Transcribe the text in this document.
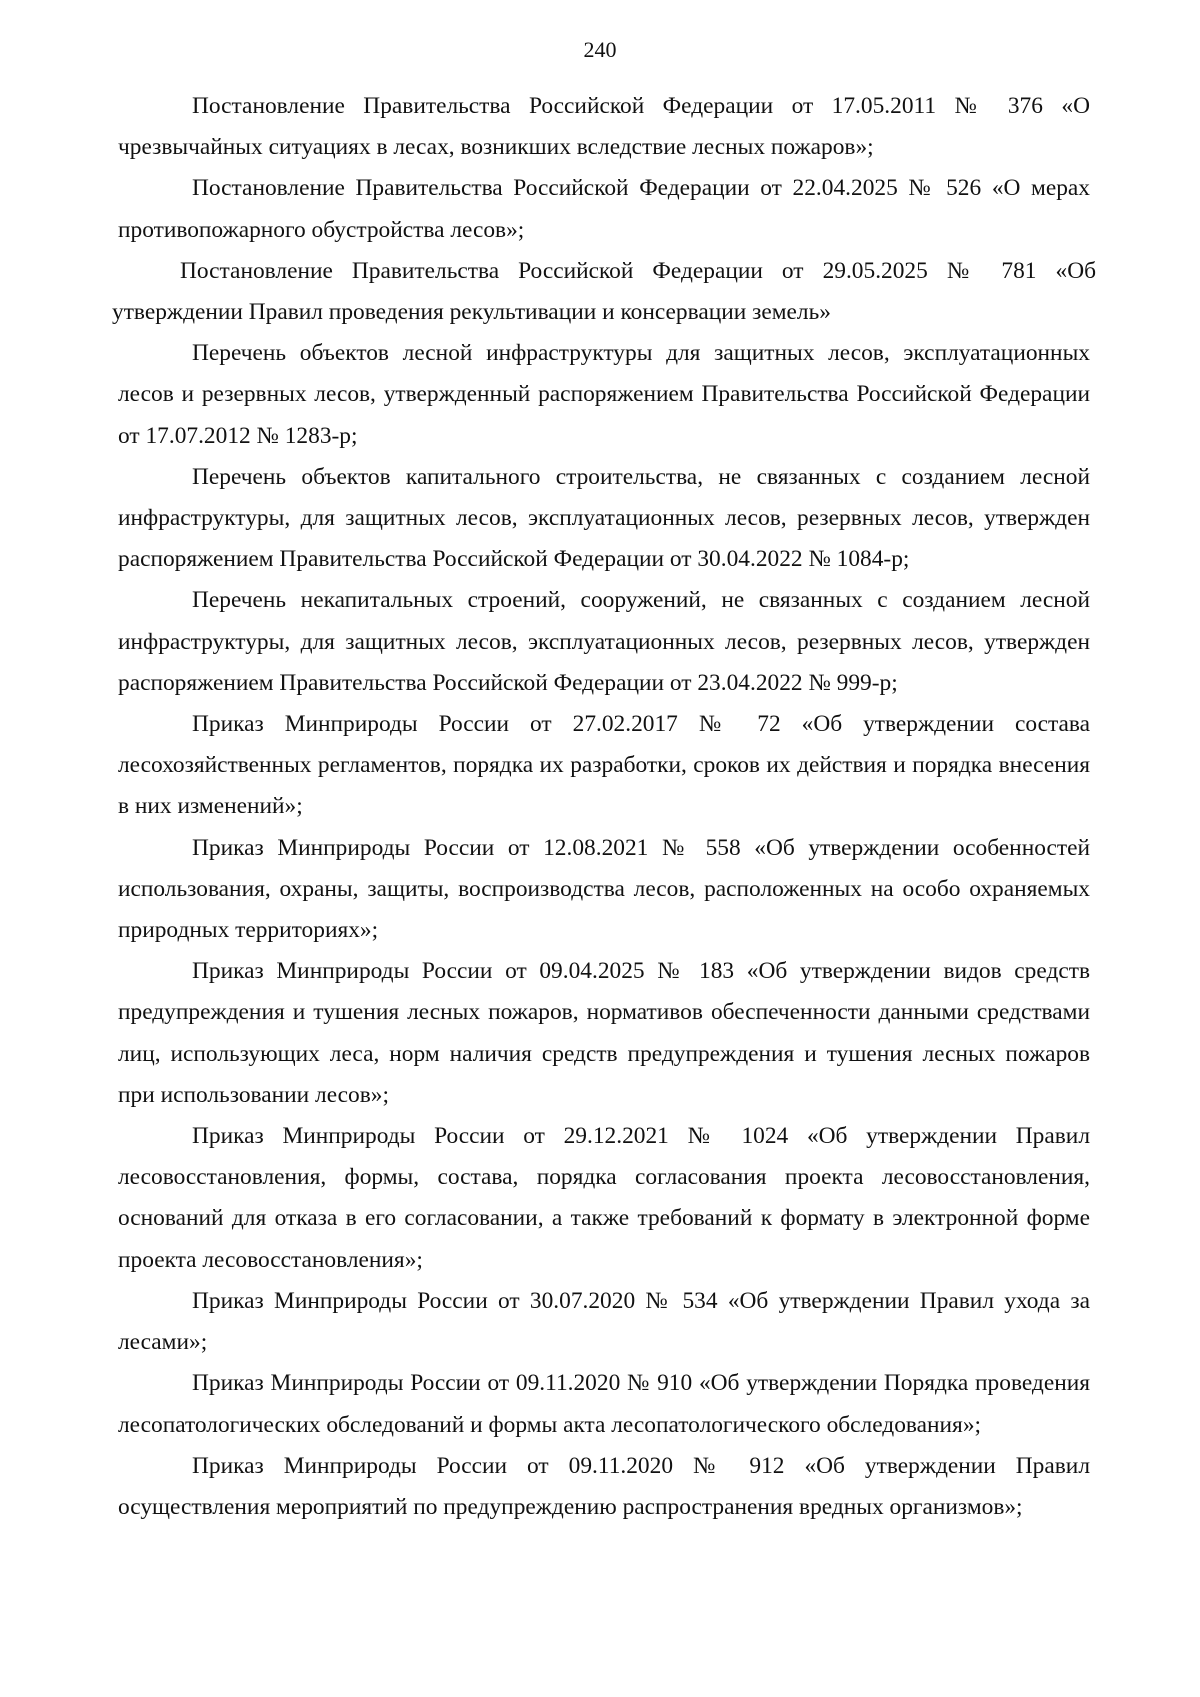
240

Постановление Правительства Российской Федерации от 17.05.2011 № 376 «О чрезвычайных ситуациях в лесах, возникших вследствие лесных пожаров»;

Постановление Правительства Российской Федерации от 22.04.2025 № 526 «О мерах противопожарного обустройства лесов»;

Постановление Правительства Российской Федерации от 29.05.2025 № 781 «Об утверждении Правил проведения рекультивации и консервации земель»

Перечень объектов лесной инфраструктуры для защитных лесов, эксплуатационных лесов и резервных лесов, утвержденный распоряжением Правительства Российской Федерации от 17.07.2012 № 1283-р;

Перечень объектов капитального строительства, не связанных с созданием лесной инфраструктуры, для защитных лесов, эксплуатационных лесов, резервных лесов, утвержден распоряжением Правительства Российской Федерации от 30.04.2022 № 1084-р;

Перечень некапитальных строений, сооружений, не связанных с созданием лесной инфраструктуры, для защитных лесов, эксплуатационных лесов, резервных лесов, утвержден распоряжением Правительства Российской Федерации от 23.04.2022 № 999-р;

Приказ Минприроды России от 27.02.2017 № 72 «Об утверждении состава лесохозяйственных регламентов, порядка их разработки, сроков их действия и порядка внесения в них изменений»;

Приказ Минприроды России от 12.08.2021 № 558 «Об утверждении особенностей использования, охраны, защиты, воспроизводства лесов, расположенных на особо охраняемых природных территориях»;

Приказ Минприроды России от 09.04.2025 № 183 «Об утверждении видов средств предупреждения и тушения лесных пожаров, нормативов обеспеченности данными средствами лиц, использующих леса, норм наличия средств предупреждения и тушения лесных пожаров при использовании лесов»;

Приказ Минприроды России от 29.12.2021 № 1024 «Об утверждении Правил лесовосстановления, формы, состава, порядка согласования проекта лесовосстановления, оснований для отказа в его согласовании, а также требований к формату в электронной форме проекта лесовосстановления»;

Приказ Минприроды России от 30.07.2020 № 534 «Об утверждении Правил ухода за лесами»;

Приказ Минприроды России от 09.11.2020 № 910 «Об утверждении Порядка проведения лесопатологических обследований и формы акта лесопатологического обследования»;

Приказ Минприроды России от 09.11.2020 № 912 «Об утверждении Правил осуществления мероприятий по предупреждению распространения вредных организмов»;
